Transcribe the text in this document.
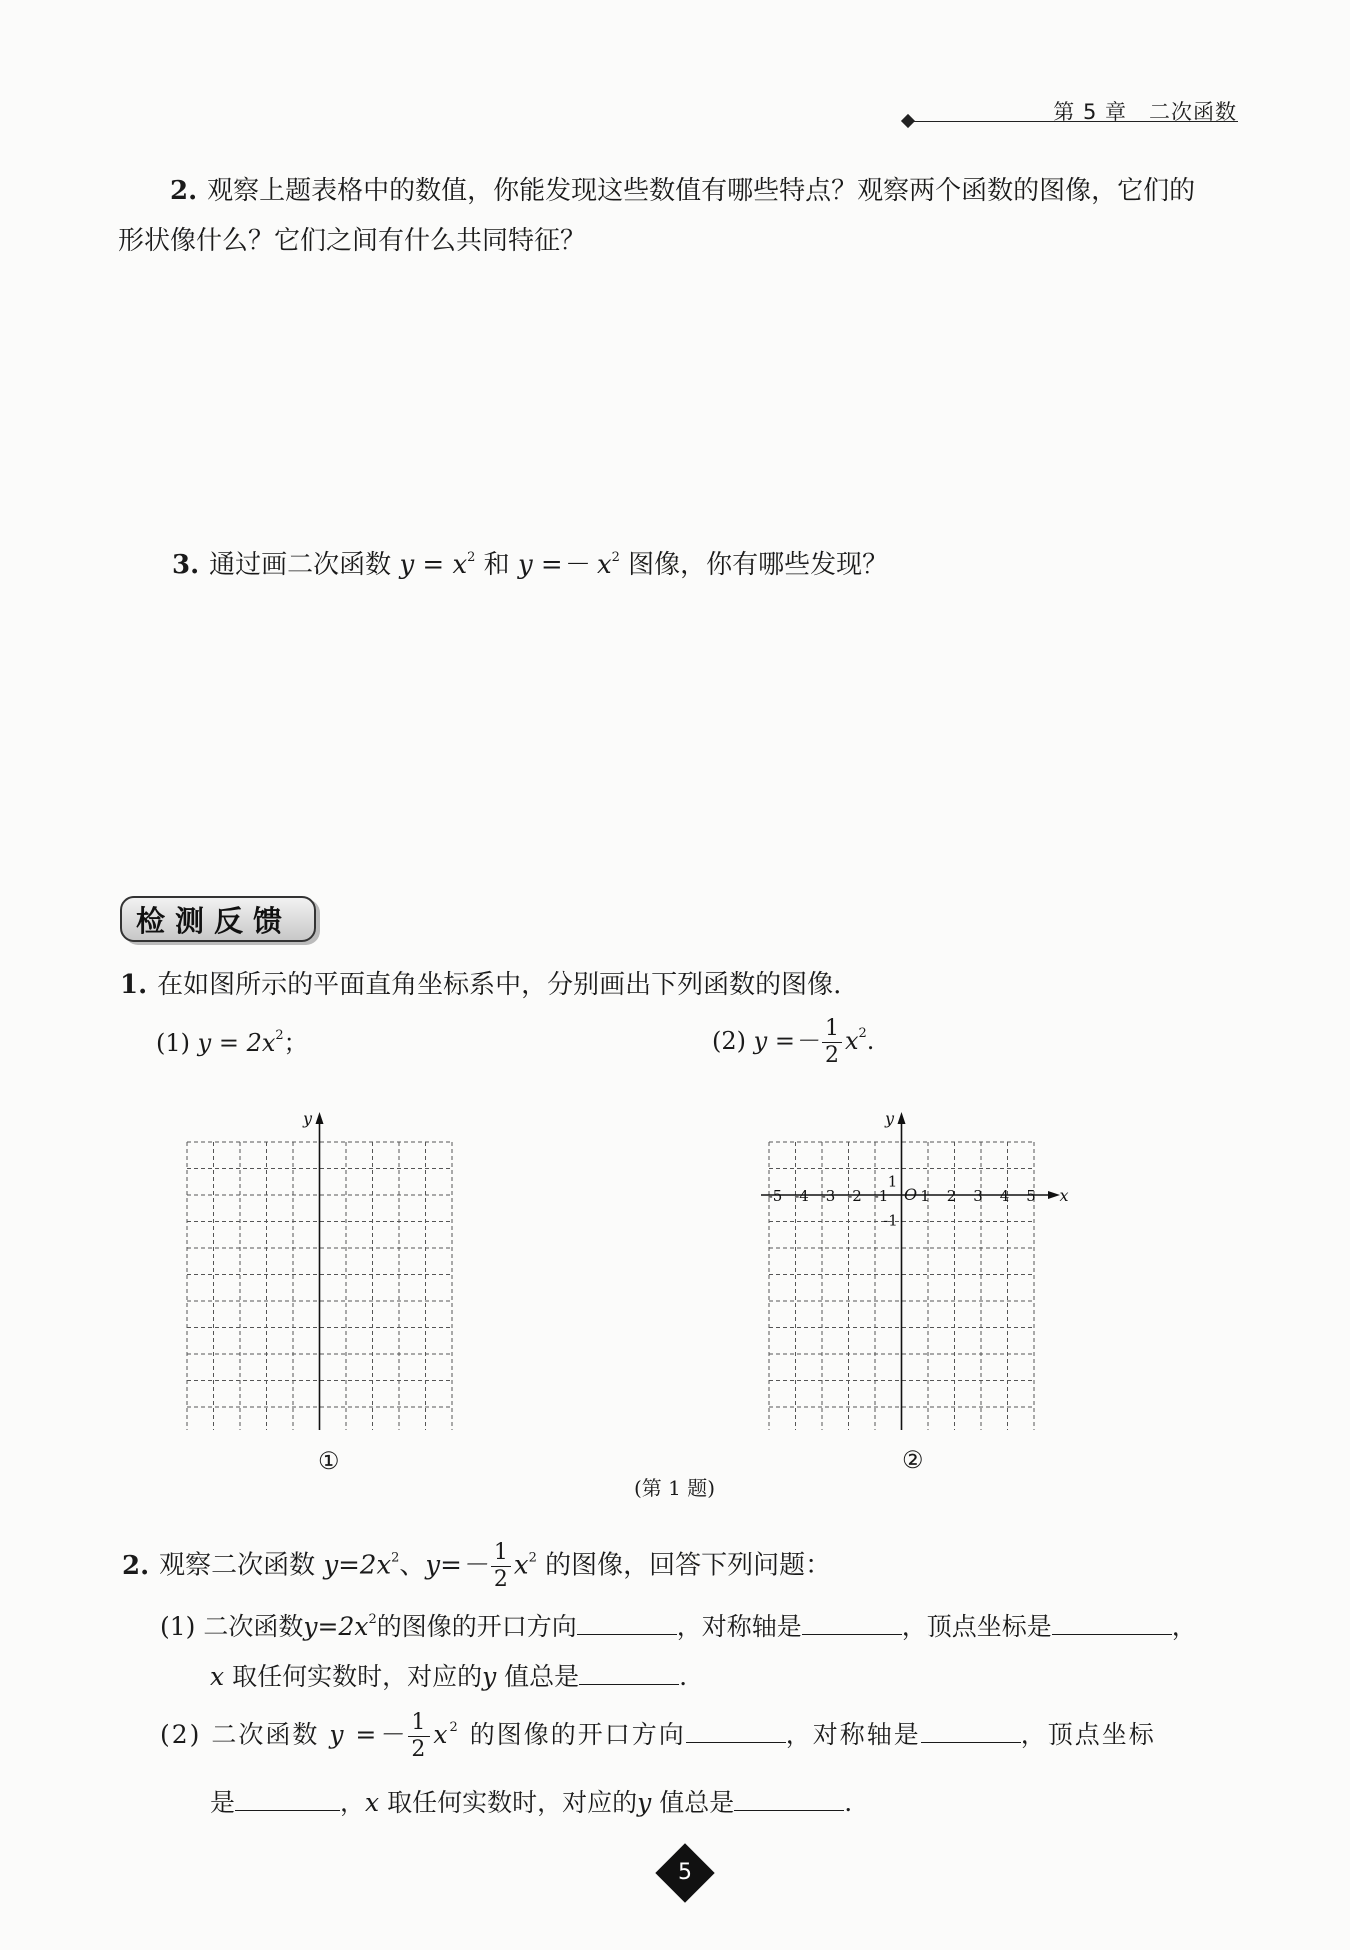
第 5 章 二次函数
2. 观察上题表格中的数值，你能发现这些数值有哪些特点？观察两个函数的图像，它们的
形状像什么？它们之间有什么共同特征？
3. 通过画二次函数 $y = x^2$ 和 $y =- x^2$ 图像，你有哪些发现？
检测反馈
1. 在如图所示的平面直角坐标系中，分别画出下列函数的图像.
(1) $y = 2x^2$；	(2) $y =- \frac{1}{2} x^2$.
y
①
x
y
O
-5 -4 -3 -2 -1 1 2 3 4 5
1
-1
②
(第 1 题)
2. 观察二次函数 $y=2x^2$、$y=- \frac{1}{2} x^2$ 的图像，回答下列问题：
(1) 二次函数$y=2x^2$的图像的开口方向	，对称轴是	，顶点坐标是	，
x 取任何实数时，对应的y 值总是	.
(2) 二次函数 $y =- \frac{1}{2} x^2$ 的图像的开口方向	，对称轴是	，顶点坐标
是	，x 取任何实数时，对应的y 值总是	.
5
